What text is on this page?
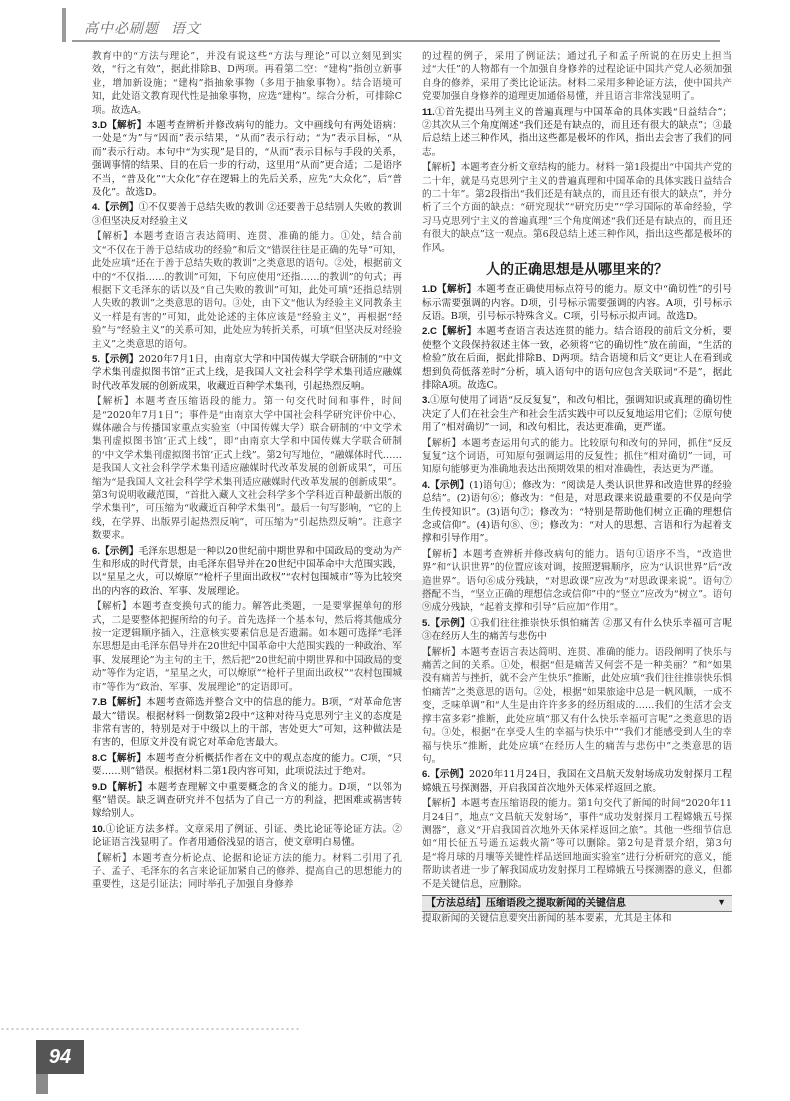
高中必刷题 语文

教育中的“方法与理论”，并没有说这些“方法与理论”可以立刻见到实效，“行之有效”，据此排除B、D两项。再看第二空：“建构”指创立新事业，增加新设施；“建构”指抽象事物（多用于抽象事物）。结合语境可知，此处语文教育现代性是抽象事物，应选“建构”。综合分析，可排除C项。故选A。

3.D【解析】本题考查辨析并修改病句的能力。文中画线句有两处语病：一处是“为”与“因而”表示结果，“从而”表示行动；“为”表示目标，“从而”表示行动。本句中“为实现”是目的，“从而”表示目标与手段的关系，强调事情的结果、目的在后一步的行动，这里用“从而”更合适；二是语序不当，“普及化”“大众化”存在逻辑上的先后关系，应先“大众化”，后“普及化”。故选D。

4.【示例】①不仅要善于总结失败的教训 ②还要善于总结别人失败的教训 ③但坚决反对经验主义

【解析】本题考查语言表达简明、连贯、准确的能力。①处，结合前文“不仅在于善于总结成功的经验”和后文“错误往往是正确的先导”可知，此处应填“还在于善于总结失败的教训”之类意思的语句。②处，根据前文中的“不仅指……的教训”可知，下句应使用“还指……的教训”的句式；再根据下文毛泽东的话以及“自己失败的教训”可知，此处可填“还指总结别人失败的教训”之类意思的语句。③处，由下文“他认为经验主义同教条主义一样是有害的”可知，此处论述的主体应该是“经验主义”，再根据“经验”与“经验主义”的关系可知，此处应为转折关系，可填“但坚决反对经验主义”之类意思的语句。

5.【示例】2020年7月1日，由南京大学和中国传媒大学联合研制的“中文学术集刊虚拟图书馆”正式上线，是我国人文社会科学学术集刊适应融媒时代改革发展的创新成果，收藏近百种学术集刊，引起热烈反响。

【解析】本题考查压缩语段的能力。第一句交代时间和事件，时间是“2020年7月1日”；事件是“由南京大学中国社会科学研究评价中心、媒体融合与传播国家重点实验室（中国传媒大学）联合研制的‘中文学术集刊虚拟图书馆’正式上线”，即“由南京大学和中国传媒大学联合研制的‘中文学术集刊虚拟图书馆’正式上线”。第2句写地位，“融媒体时代……是我国人文社会科学学术集刊适应融媒时代改革发展的创新成果”，可压缩为“是我国人文社会科学学术集刊适应融媒时代改革发展的创新成果”。第3句说明收藏范围，“首批入藏人文社会科学多个学科近百种最新出版的学术集刊”，可压缩为“收藏近百种学术集刊”。最后一句写影响，“它的上线，在学界、出版界引起热烈反响”，可压缩为“引起热烈反响”。注意字数要求。

6.【示例】毛泽东思想是一种以20世纪前中期世界和中国政局的变动为产生和形成的时代背景，由毛泽东倡导并在20世纪中国革命中大范围实践，以“星星之火，可以燎原”“枪杆子里面出政权”“农村包围城市”等为比较突出的内容的政治、军事、发展理论。

【解析】本题考查变换句式的能力。解答此类题，一是要掌握单句的形式，二是要整体把握所给的句子。首先选择一个基本句，然后将其他成分按一定逻辑顺序插入，注意核实要素信息是否遗漏。如本题可选择“毛泽东思想是由毛泽东倡导并在20世纪中国革命中大范围实践的一种政治、军事、发展理论”为主句的主干，然后把“20世纪前中期世界和中国政局的变动”等作为定语，“星星之火，可以燎原”“枪杆子里面出政权”“农村包围城市”等作为“政治、军事、发展理论”的定语即可。

7.B【解析】本题考查筛选并整合文中的信息的能力。B项，“对革命危害最大”错误。根据材料一倒数第2段中“这种对待马克思列宁主义的态度是非常有害的，特别是对于中级以上的干部，害处更大”可知，这种做法是有害的，但原文并没有说它对革命危害最大。

8.C【解析】本题考查分析概括作者在文中的观点态度的能力。C项，“只要……则”错误。根据材料二第1段内容可知，此项说法过于绝对。

9.D【解析】本题考查理解文中重要概念的含义的能力。D项，“以邻为壑”错误。缺乏调查研究并不包括为了自己一方的利益，把困难或祸害转嫁给别人。

10.①论证方法多样。文章采用了例证、引证、类比论证等论证方法。②论证语言浅显明了。作者用通俗浅显的语言，使文章明白易懂。

【解析】本题考查分析论点、论据和论证方法的能力。材料二引用了孔子、孟子、毛泽东的名言来论证加紧自己的修养、提高自己的思想能力的重要性，这是引证法；同时举孔子加强自身修养

的过程的例子，采用了例证法；通过孔子和孟子所说的在历史上担当过“大任”的人物都有一个加强自身修养的过程论证中国共产党人必须加强自身的修养，采用了类比论证法。材料二采用多种论证方法，使中国共产党要加强自身修养的道理更加通俗易懂，并且语言非常浅显明了。

11.①首先提出马列主义的普遍真理与中国革命的具体实践“日益结合”；②其次从三个角度阐述“我们还是有缺点的，而且还有很大的缺点”；③最后总结上述三种作风，指出这些都是极坏的作风，指出去会害了我们的同志。

【解析】本题考查分析文章结构的能力。材料一第1段提出“中国共产党的二十年，就是马克思列宁主义的普遍真理和中国革命的具体实践日益结合的二十年”。第2段指出“我们还是有缺点的，而且还有很大的缺点”，并分析了三个方面的缺点：“研究现状”“研究历史”“学习国际的革命经验，学习马克思列宁主义的普遍真理”三个角度阐述“我们还是有缺点的，而且还有很大的缺点”这一观点。第6段总结上述三种作风，指出这些都是极坏的作风。

人的正确思想是从哪里来的？

1.D【解析】本题考查正确使用标点符号的能力。原文中“确切性”的引号标示需要强调的内容。D项，引号标示需要强调的内容。A项，引号标示反语。B项，引号标示特殊含义。C项，引号标示拟声词。故选D。

2.C【解析】本题考查语言表达连贯的能力。结合语段的前后文分析，要使整个文段保持叙述主体一致，必须将“它的确切性”放在前面，“生活的检验”放在后面，据此排除B、D两项。结合语境和后文“更让人在看到或想到负荷低落差时”分析，填入语句中的语句应包含关联词“不是”，据此排除A项。故选C。

3.①原句使用了词语“反反复复”，和改句相比，强调知识或真理的确切性决定了人们在社会生产和社会生活实践中可以反复地运用它们；②原句使用了“相对确切”一词，和改句相比，表达更准确，更严谨。

【解析】本题考查运用句式的能力。比较原句和改句的异同，抓住“反反复复”这个词语，可知原句强调运用的反复性；抓住“相对确切”一词，可知原句能够更为准确地表达出预期效果的相对准确性，表达更为严谨。

4.【示例】(1)语句①；修改为：“阅读是人类认识世界和改造世界的经验总结”。(2)语句⑥；修改为：“但是，对思政课来说最重要的不仅是向学生传授知识”。(3)语句⑦；修改为：“特别是帮助他们树立正确的理想信念或信仰”。(4)语句⑧、⑨；修改为：“对人的思想、言语和行为起着支撑和引导作用”。

【解析】本题考查辨析并修改病句的能力。语句①语序不当，“改造世界”和“认识世界”的位置应该对调，按照逻辑顺序，应为“认识世界”后“改造世界”。语句⑥成分残缺，“对思政课”应改为“对思政课来说”。语句⑦搭配不当，“坚立正确的理想信念或信仰”中的“竖立”应改为“树立”。语句⑨成分残缺，“起着支撑和引导”后应加“作用”。

5.【示例】①我们往往推崇快乐惧怕痛苦 ②那又有什么快乐幸福可言呢 ③在经历人生的痛苦与悲伤中

【解析】本题考查语言表达简明、连贯、准确的能力。语段阐明了快乐与痛苦之间的关系。①处，根据“但是痛苦又何尝不是一种美丽？”和“如果没有痛苦与挫折，就不会产生快乐”推断，此处应填“我们往往推崇快乐惧怕痛苦”之类意思的语句。②处，根据“如果旅途中总是一帆风顺，一成不变，乏味单调”和“人生是由许许多多的经历组成的……我们的生活才会支撑丰富多彩”推断，此处应填“那又有什么快乐幸福可言呢”之类意思的语句。③处，根据“在享受人生的幸福与快乐中”“我们才能感受到人生的幸福与快乐”推断，此处应填“在经历人生的痛苦与悲伤中”之类意思的语句。

6.【示例】2020年11月24日，我国在文昌航天发射场成功发射探月工程嫦娥五号探测器，开启我国首次地外天体采样返回之旅。

【解析】本题考查压缩语段的能力。第1句交代了新闻的时间“2020年11月24日”，地点“文昌航天发射场”，事件“成功发射探月工程嫦娥五号探测器”，意义“开启我国首次地外天体采样返回之旅”。其他一些细节信息如“用长征五号遥五运载火箭”等可以删除。第2句是背景介绍，第3句是“将月球的月壤等关键性样品送回地面实验室”进行分析研究的意义，能帮助读者进一步了解我国成功发射探月工程嫦娥五号探测器的意义，但都不是关键信息，应删除。

【方法总结】压缩语段之提取新闻的关键信息	▼

提取新闻的关键信息要突出新闻的基本要素，尤其是主体和

94
